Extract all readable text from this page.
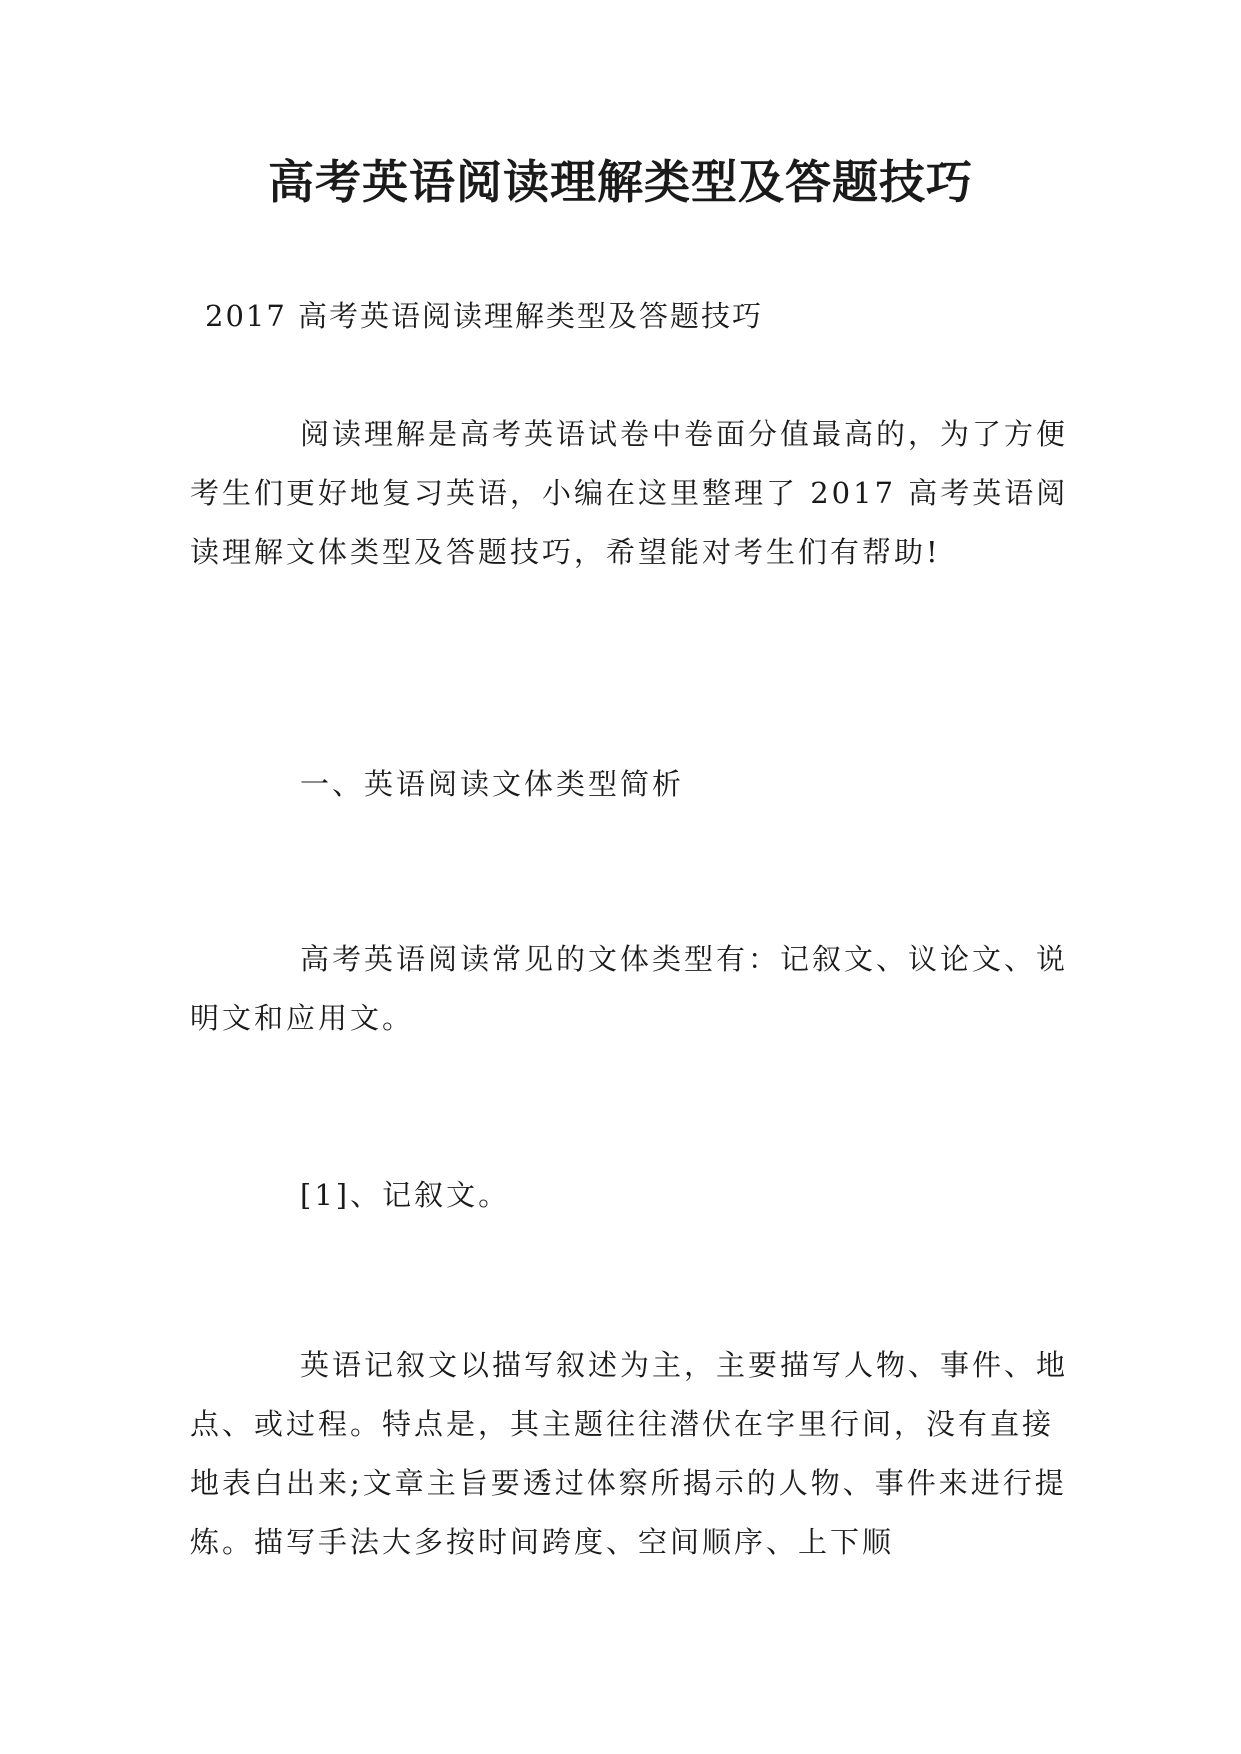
高考英语阅读理解类型及答题技巧

2017 高考英语阅读理解类型及答题技巧

阅读理解是高考英语试卷中卷面分值最高的，为了方便考生们更好地复习英语，小编在这里整理了 2017 高考英语阅读理解文体类型及答题技巧，希望能对考生们有帮助!

一、英语阅读文体类型简析

高考英语阅读常见的文体类型有：记叙文、议论文、说明文和应用文。

[1]、记叙文。

英语记叙文以描写叙述为主，主要描写人物、事件、地点、或过程。特点是，其主题往往潜伏在字里行间，没有直接地表白出来;文章主旨要透过体察所揭示的人物、事件来进行提炼。描写手法大多按时间跨度、空间顺序、上下顺
